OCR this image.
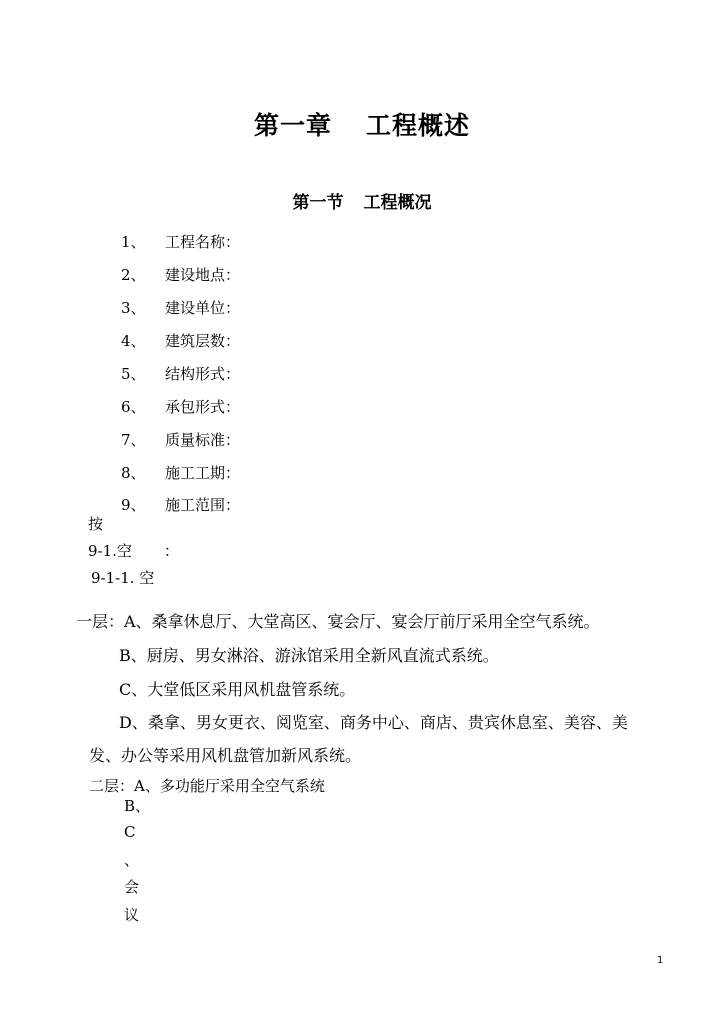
第一章 工程概述
第一节 工程概况
1、 工程名称：
2、 建设地点：
3、 建设单位：
4、 建筑层数：
5、 结构形式：
6、 承包形式：
7、 质量标准：
8、 施工工期：
9、 施工范围：
按
9-1.空 ：
9-1-1. 空
一层：A、桑拿休息厅、大堂高区、宴会厅、宴会厅前厅采用全空气系统。
B、厨房、男女淋浴、游泳馆采用全新风直流式系统。
C、大堂低区采用风机盘管系统。
D、桑拿、男女更衣、阅览室、商务中心、商店、贵宾休息室、美容、美
发、办公等采用风机盘管加新风系统。
二层：A、多功能厅采用全空气系统
B、
C
、
会
议
1
